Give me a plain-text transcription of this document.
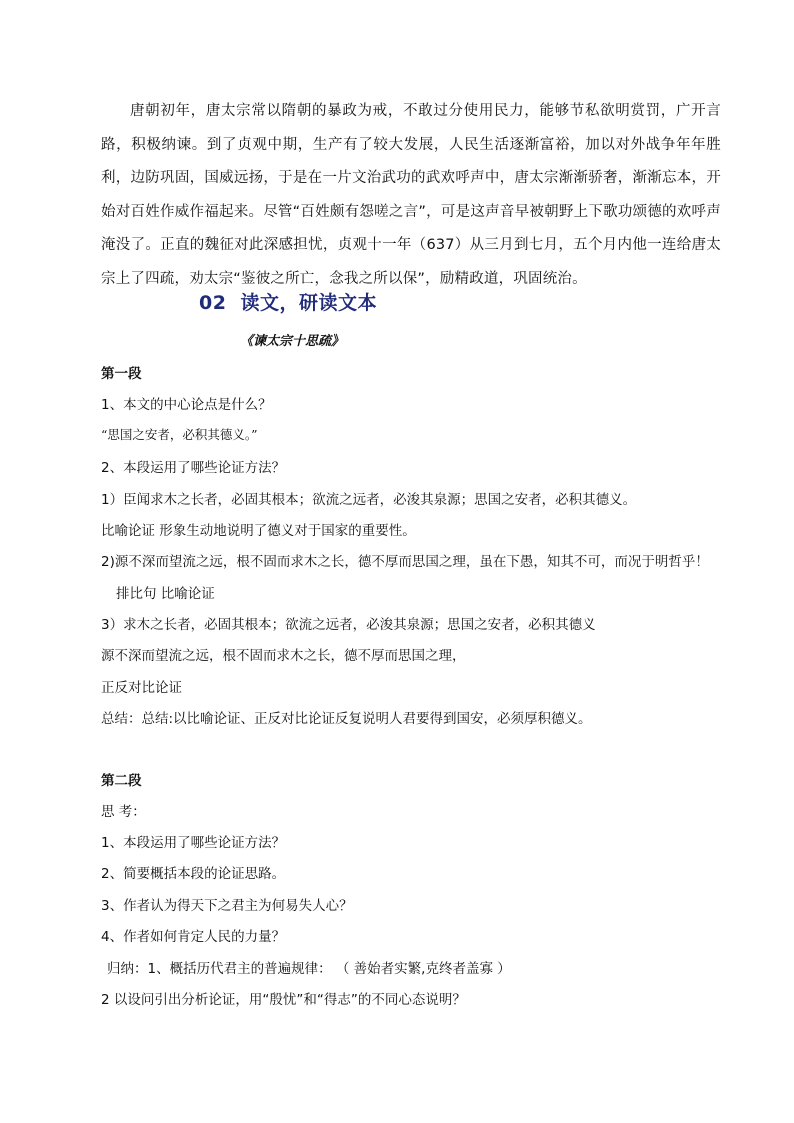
唐朝初年，唐太宗常以隋朝的暴政为戒，不敢过分使用民力，能够节私欲明赏罚，广开言路，积极纳谏。到了贞观中期，生产有了较大发展，人民生活逐渐富裕，加以对外战争年年胜利，边防巩固，国威远扬，于是在一片文治武功的武欢呼声中，唐太宗渐渐骄奢，渐渐忘本，开始对百姓作威作福起来。尽管“百姓颇有怨嗟之言”，可是这声音早被朝野上下歌功颂德的欢呼声淹没了。正直的魏征对此深感担忧，贞观十一年（637）从三月到七月，五个月内他一连给唐太宗上了四疏，劝太宗“鉴彼之所亡，念我之所以保”，励精政道，巩固统治。

02 读文，研读文本
《谏太宗十思疏》

第一段

1、本文的中心论点是什么？

“思国之安者，必积其德义。”

2、本段运用了哪些论证方法？

1）臣闻求木之长者，必固其根本；欲流之远者，必浚其泉源；思国之安者，必积其德义。

比喻论证 形象生动地说明了德义对于国家的重要性。

2)源不深而望流之远，根不固而求木之长，德不厚而思国之理，虽在下愚，知其不可，而况于明哲乎！

排比句 比喻论证

3）求木之长者，必固其根本；欲流之远者，必浚其泉源；思国之安者，必积其德义

源不深而望流之远，根不固而求木之长，德不厚而思国之理，

正反对比论证

总结：总结:以比喻论证、正反对比论证反复说明人君要得到国安，必须厚积德义。

第二段

思 考：

1、本段运用了哪些论证方法？

2、简要概括本段的论证思路。

3、作者认为得天下之君主为何易失人心？

4、作者如何肯定人民的力量？

归纳：1、概括历代君主的普遍规律： （ 善始者实繁,克终者盖寡 ）

2 以设问引出分析论证，用“殷忧”和“得志”的不同心态说明？
